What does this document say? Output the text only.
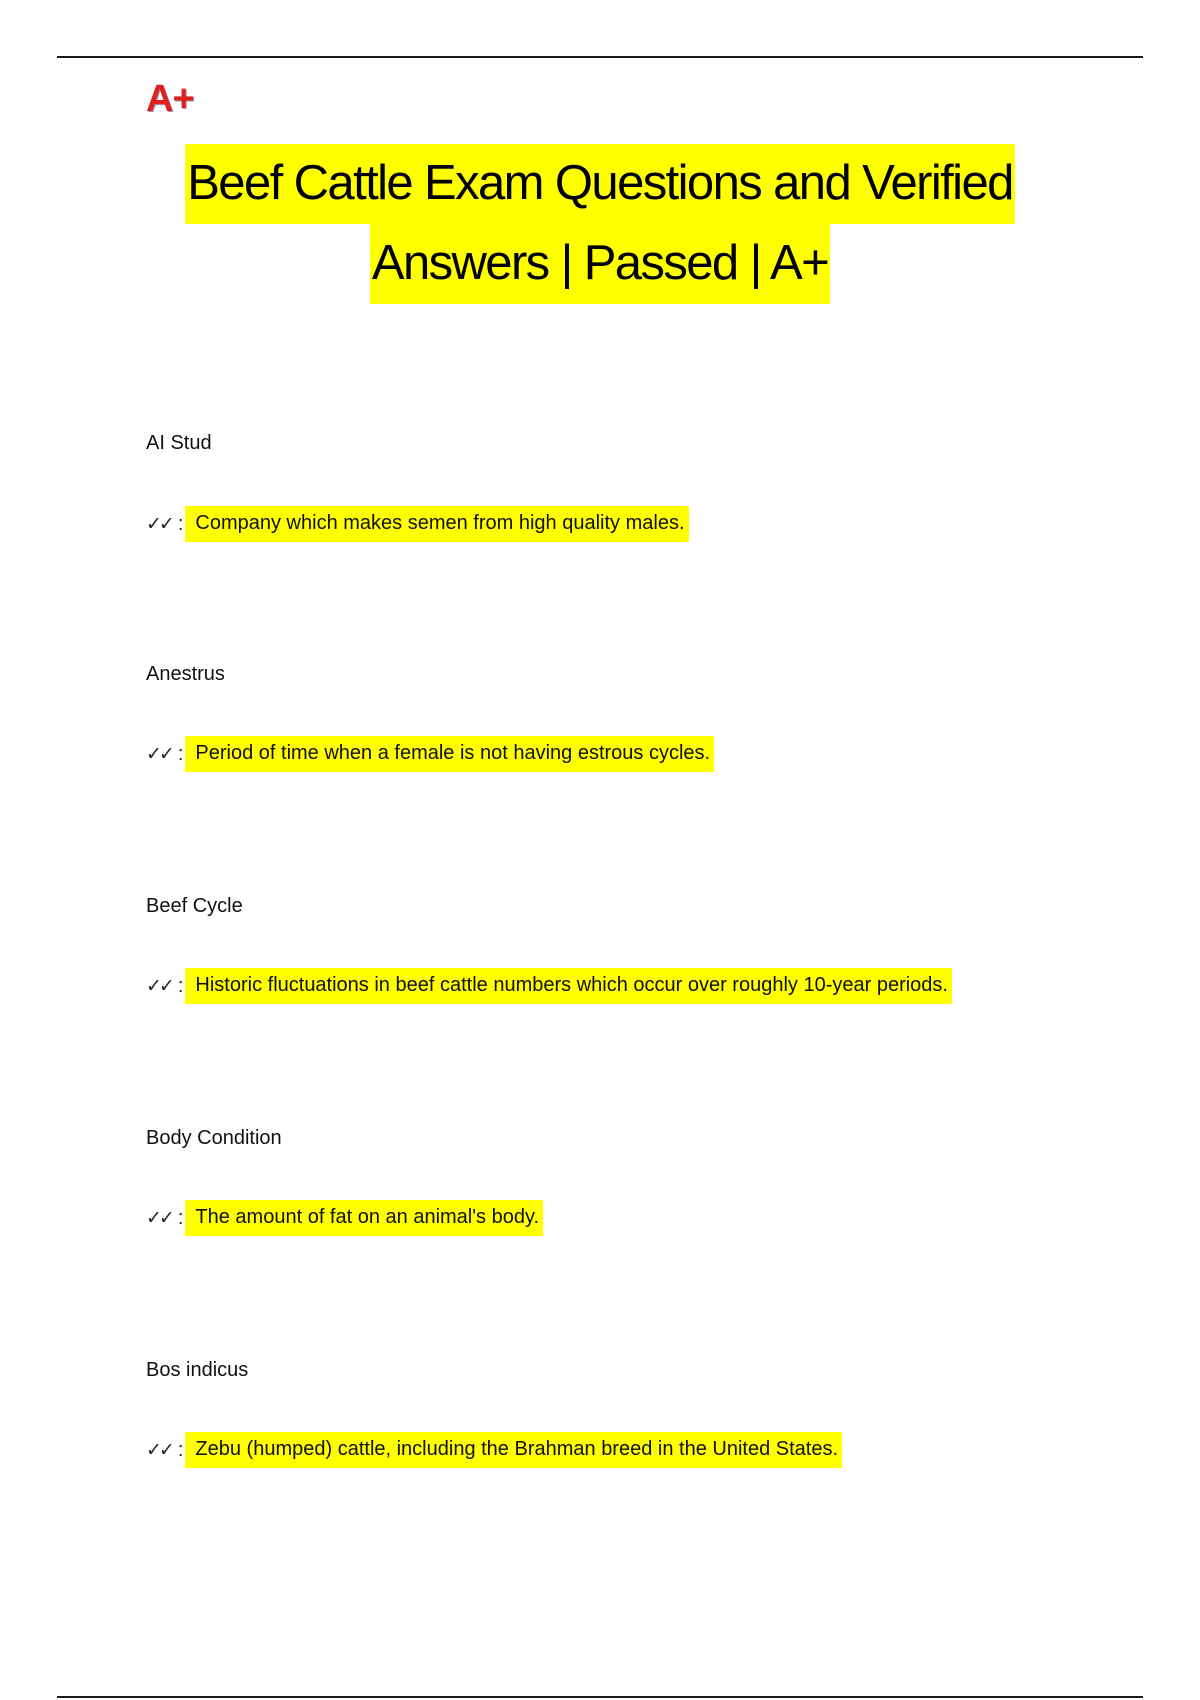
A+
Beef Cattle Exam Questions and Verified
Answers | Passed | A+
AI Stud
✓✓ : Company which makes semen from high quality males.
Anestrus
✓✓ : Period of time when a female is not having estrous cycles.
Beef Cycle
✓✓ : Historic fluctuations in beef cattle numbers which occur over roughly 10-year periods.
Body Condition
✓✓ : The amount of fat on an animal's body.
Bos indicus
✓✓ : Zebu (humped) cattle, including the Brahman breed in the United States.
